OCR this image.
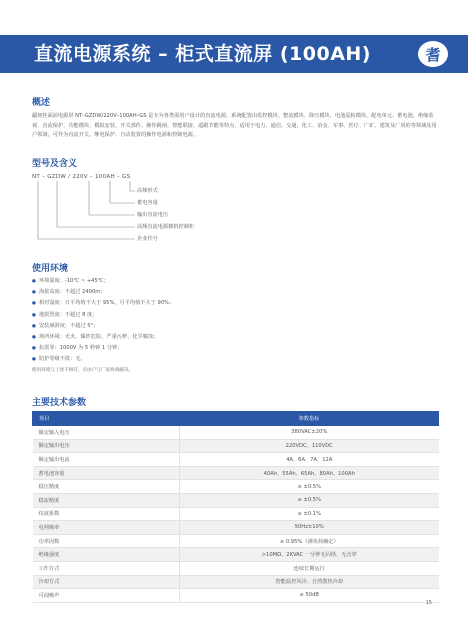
直流电源系统 – 柜式直流屏 (100AH)	耆
概述
疆韧桂面前电源屏 NT–GZDW/220V–100AH–GS 是专为各类需用户设计的直流电源。系统配置由监控模块、整流模块、降压模块、电池巡检模块、配电单元、蓄电池、绝缘监视、直流保护、功能模块、模拟安装、开关部件、操作跳闸、智能联接、遥跟节能等特点，适用于电力、通信、交通、化工、冶金、军事、医疗、广矿、建筑及厂用的等领域及用户领域，可作为直流开关、继电保护、自动装置的操作电源和控制电源。
型号及含义
NT – GZDW / 220V – 100AH – GS
高频形式
蓄电容量
输出直流电压
高频直流电源微机控制柜
企业代号
使用环境
● 环境温度：-10℃ ~ +45℃；
● 海拔高度：不超过 2400m；
● 相对湿度：日平均值不大于 95%，月平均值不大于 90%；
● 地震烈度：不超过 8 度；
● 安装倾斜度：不超过 5°；
● 场所环境：无火、爆炸危险、严重污秽、化学腐蚀；
● 抗震等：1000V 为 5 秒钟 1 分钟；
● 防护等级不低：无。
使用环境与上述不相符，应由户与厂家协商解决。
主要技术参数
项目	参数指标
额定输入电压	380VAC±20%
额定输出电压	220VDC、110VDC
额定输出电流	4A、6A、7A、12A
蓄电池容量	40Ah、55Ah、65Ah、80Ah、100Ah
稳压精度	≤ ±0.5%
稳流精度	≤ ±0.5%
纹波系数	≤ ±0.1%
电网频率	50Hz±10%
功率因数	≥ 0.95%（满负荷确定）
绝缘强度	>10MΩ、2KVAC 一分钟无闪络、无击穿
工作方式	连续长期运行
冷却方式	智能温控风冷、自然散热冷却
可闻噪声	≤ 50dB
15
